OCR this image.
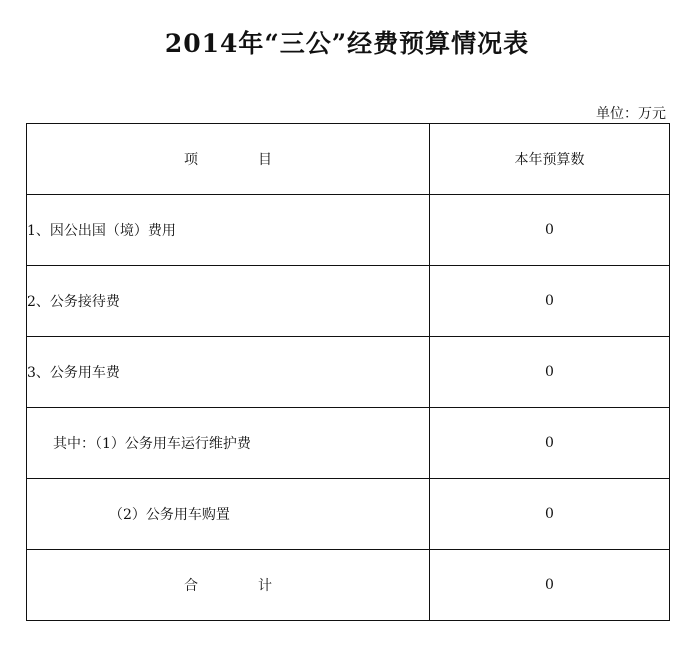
2014年“三公”经费预算情况表
单位：万元
项 目	本年预算数
1、因公出国（境）费用	0
2、公务接待费	0
3、公务用车费	0
其中：（1）公务用车运行维护费	0
（2）公务用车购置	0
合 计	0
